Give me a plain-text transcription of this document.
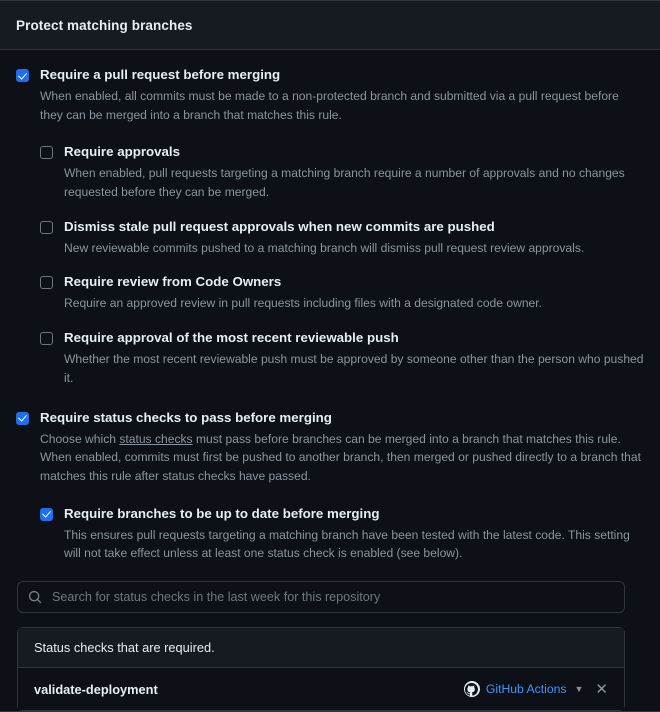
Protect matching branches
Require a pull request before merging
When enabled, all commits must be made to a non-protected branch and submitted via a pull request before they can be merged into a branch that matches this rule.
Require approvals
When enabled, pull requests targeting a matching branch require a number of approvals and no changes requested before they can be merged.
Dismiss stale pull request approvals when new commits are pushed
New reviewable commits pushed to a matching branch will dismiss pull request review approvals.
Require review from Code Owners
Require an approved review in pull requests including files with a designated code owner.
Require approval of the most recent reviewable push
Whether the most recent reviewable push must be approved by someone other than the person who pushed it.
Require status checks to pass before merging
Choose which status checks must pass before branches can be merged into a branch that matches this rule. When enabled, commits must first be pushed to another branch, then merged or pushed directly to a branch that matches this rule after status checks have passed.
Require branches to be up to date before merging
This ensures pull requests targeting a matching branch have been tested with the latest code. This setting will not take effect unless at least one status check is enabled (see below).
Search for status checks in the last week for this repository
Status checks that are required.
validate-deployment	GitHub Actions ▼ ✕
